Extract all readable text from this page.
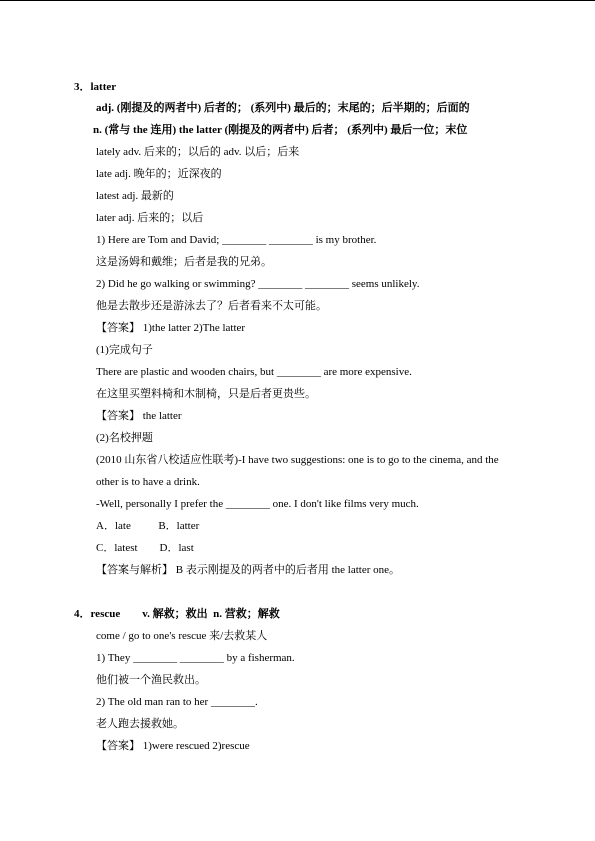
3．latter
adj. (刚提及的两者中) 后者的； (系列中) 最后的；末尾的；后半期的；后面的
n. (常与 the 连用) the latter (刚提及的两者中) 后者； (系列中) 最后一位；末位
lately adv. 后来的；以后的 adv. 以后；后来
late adj. 晚年的；近深夜的
latest adj. 最新的
later adj. 后来的；以后
1) Here are Tom and David; ________ ________ is my brother.
这是汤姆和戴维；后者是我的兄弟。
2) Did he go walking or swimming? ________ ________ seems unlikely.
他是去散步还是游泳去了？后者看来不太可能。
【答案】 1)the latter 2)The latter
(1)完成句子
There are plastic and wooden chairs, but ________ are more expensive.
在这里买塑料椅和木制椅，只是后者更贵些。
【答案】 the latter
(2)名校押题
(2010 山东省八校适应性联考)-I have two suggestions: one is to go to the cinema, and the
other is to have a drink.
-Well, personally I prefer the ________ one. I don't like films very much.
A．late          B．latter
C．latest        D．last
【答案与解析】 B 表示刚提及的两者中的后者用 the latter one。
4．rescue        v. 解救；救出  n. 营救；解救
come / go to one's rescue 来/去救某人
1) They ________ ________ by a fisherman.
他们被一个渔民救出。
2) The old man ran to her ________.
老人跑去援救她。
【答案】 1)were rescued 2)rescue
